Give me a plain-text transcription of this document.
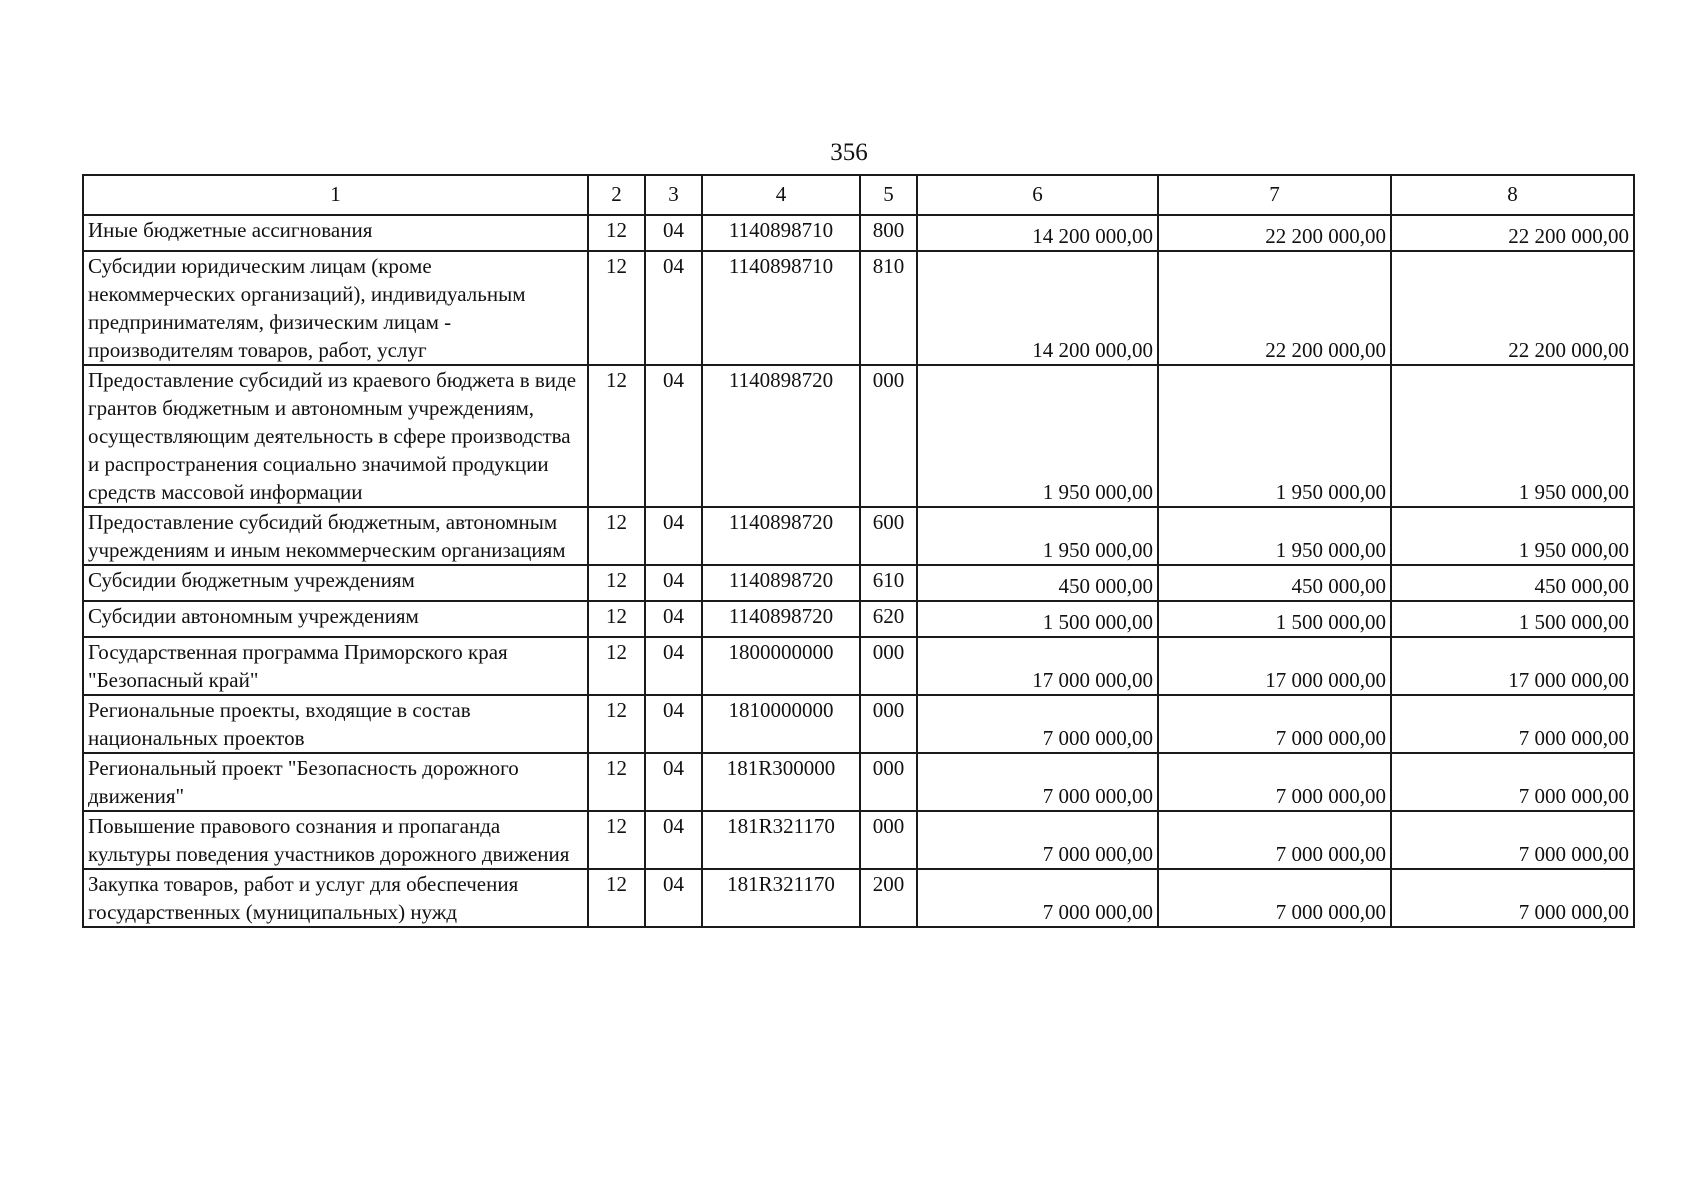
356
1	2	3	4	5	6	7	8
Иные бюджетные ассигнования	12	04	1140898710	800	14 200 000,00	22 200 000,00	22 200 000,00
Субсидии юридическим лицам (кроме некоммерческих организаций), индивидуальным предпринимателям, физическим лицам - производителям товаров, работ, услуг	12	04	1140898710	810	14 200 000,00	22 200 000,00	22 200 000,00
Предоставление субсидий из краевого бюджета в виде грантов бюджетным и автономным учреждениям, осуществляющим деятельность в сфере производства и распространения социально значимой продукции средств массовой информации	12	04	1140898720	000	1 950 000,00	1 950 000,00	1 950 000,00
Предоставление субсидий бюджетным, автономным учреждениям и иным некоммерческим организациям	12	04	1140898720	600	1 950 000,00	1 950 000,00	1 950 000,00
Субсидии бюджетным учреждениям	12	04	1140898720	610	450 000,00	450 000,00	450 000,00
Субсидии автономным учреждениям	12	04	1140898720	620	1 500 000,00	1 500 000,00	1 500 000,00
Государственная программа Приморского края "Безопасный край"	12	04	1800000000	000	17 000 000,00	17 000 000,00	17 000 000,00
Региональные проекты, входящие в состав национальных проектов	12	04	1810000000	000	7 000 000,00	7 000 000,00	7 000 000,00
Региональный проект "Безопасность дорожного движения"	12	04	181R300000	000	7 000 000,00	7 000 000,00	7 000 000,00
Повышение правового сознания и пропаганда культуры поведения участников дорожного движения	12	04	181R321170	000	7 000 000,00	7 000 000,00	7 000 000,00
Закупка товаров, работ и услуг для обеспечения государственных (муниципальных) нужд	12	04	181R321170	200	7 000 000,00	7 000 000,00	7 000 000,00
